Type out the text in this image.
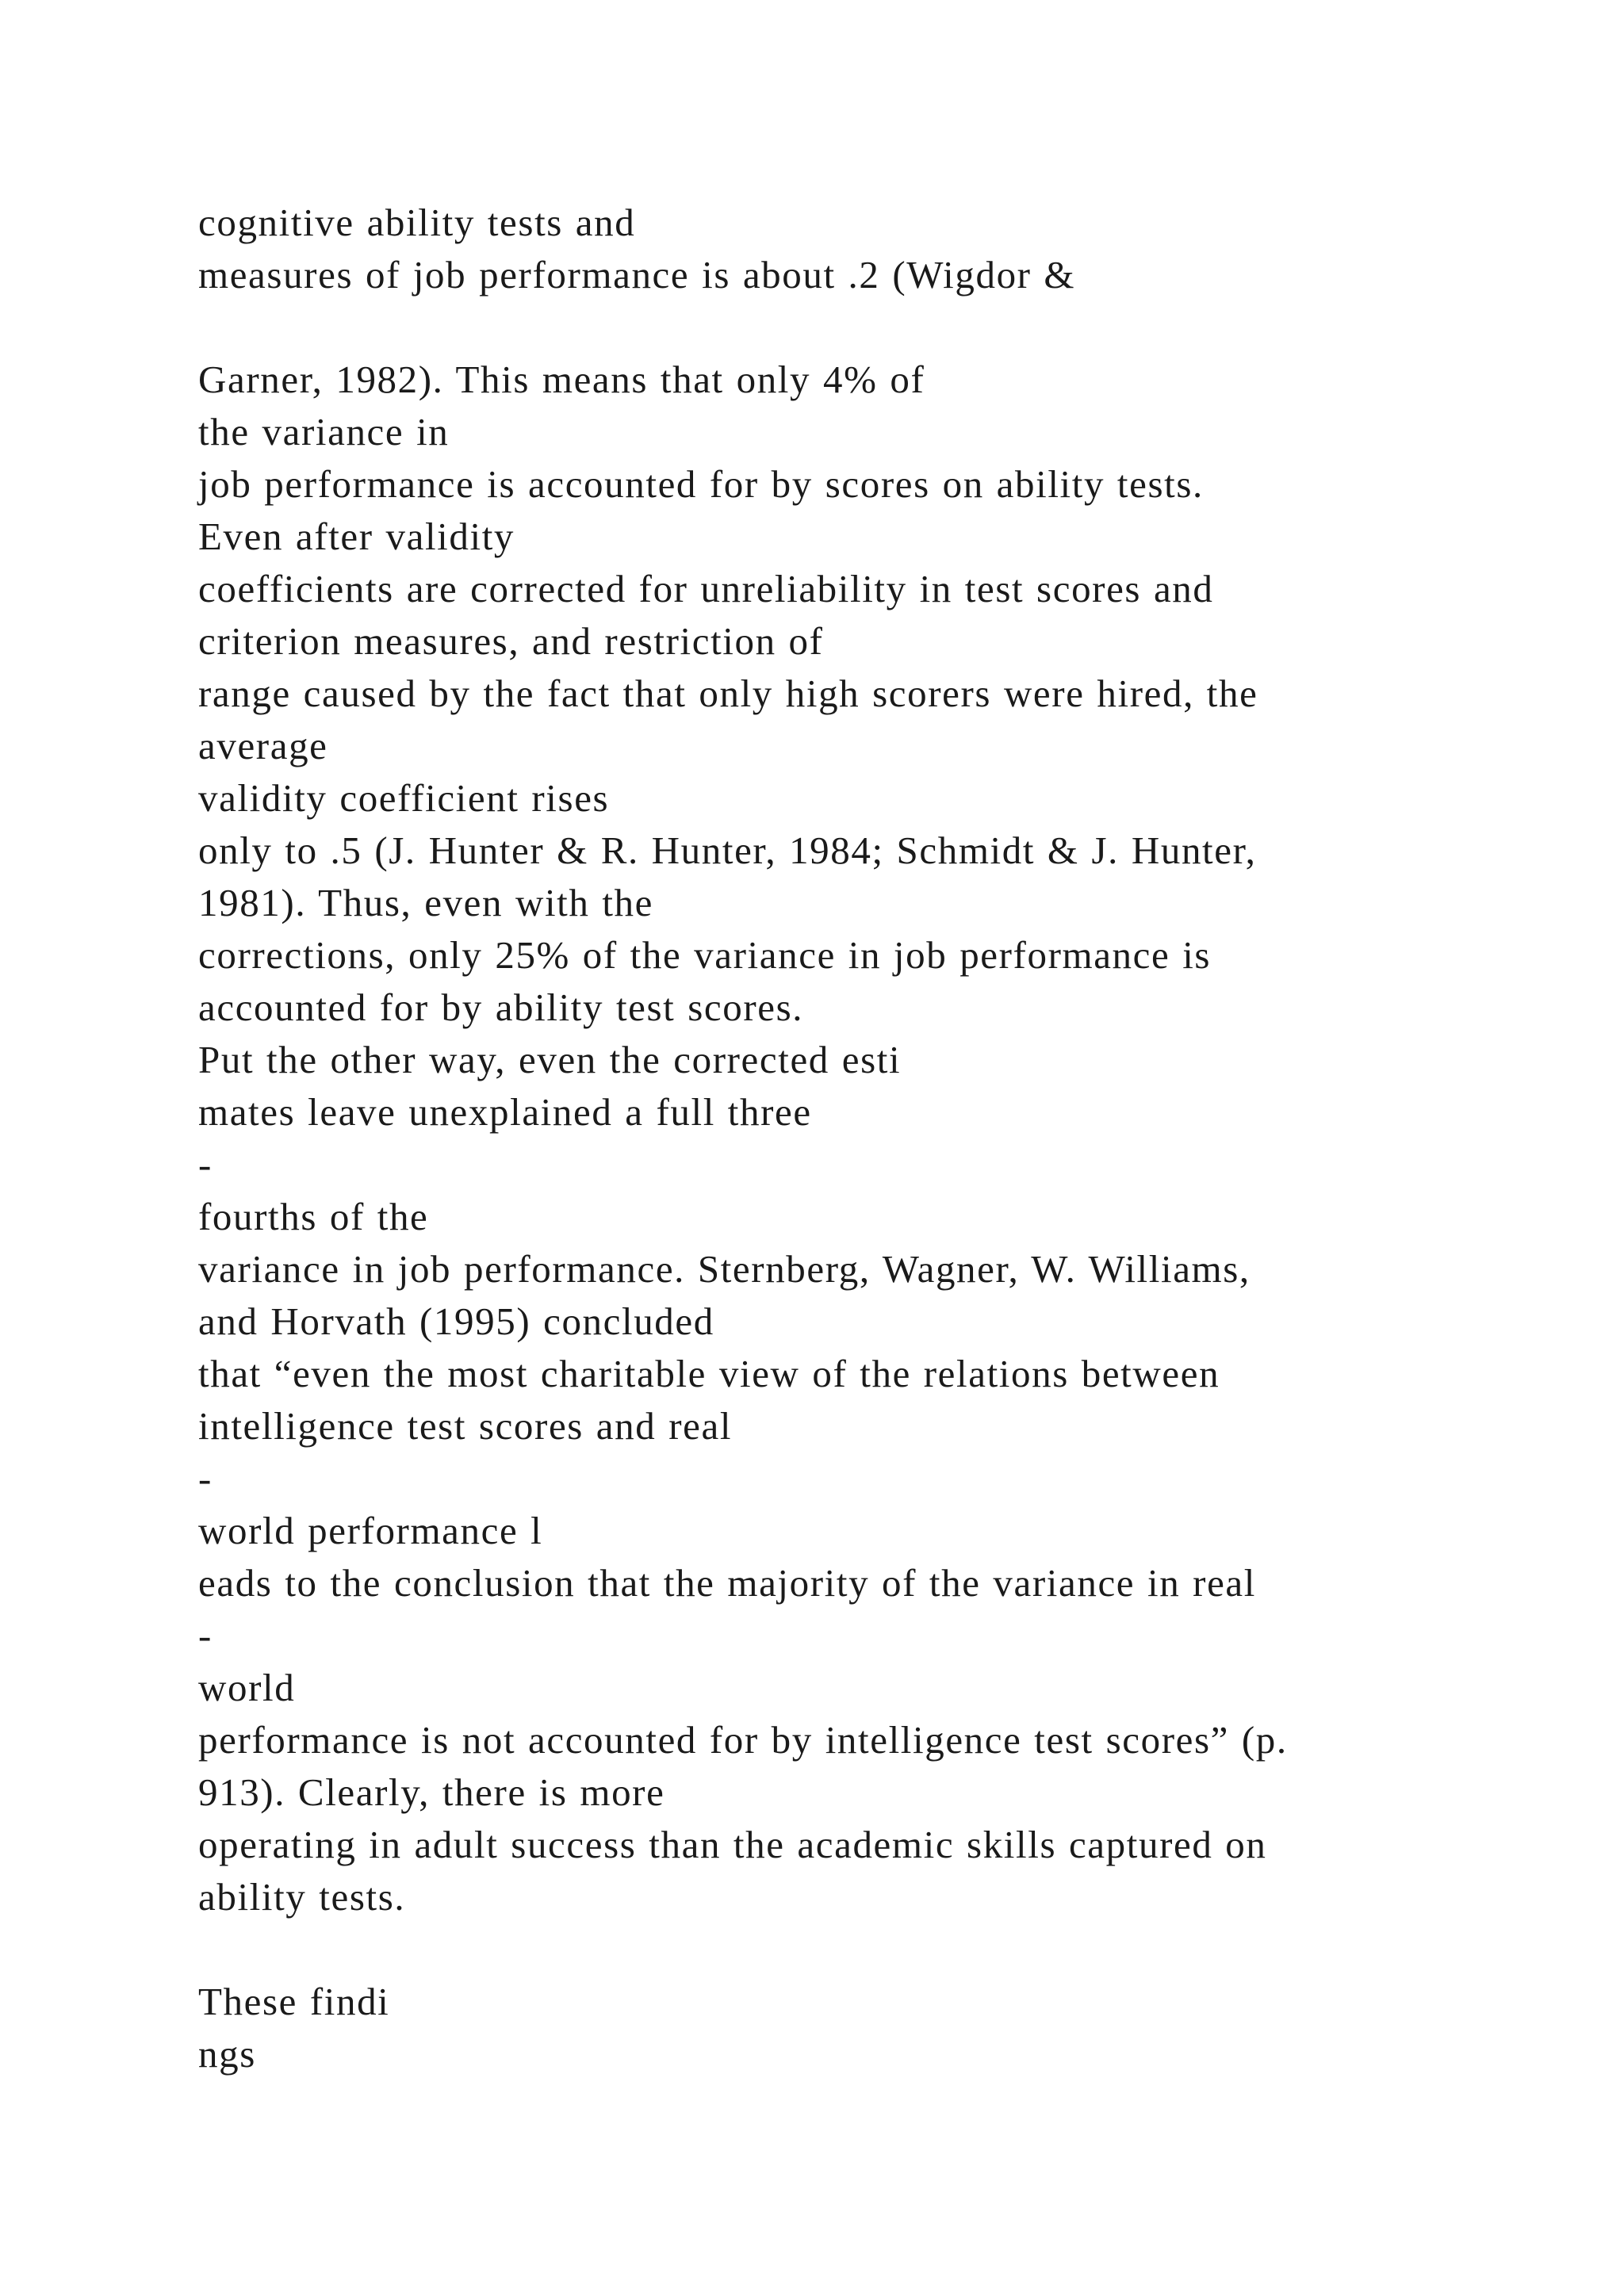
cognitive ability tests and
measures of job performance is about .2 (Wigdor &
Garner, 1982). This means that only 4% of
the variance in
job performance is accounted for by scores on ability tests.
Even after validity
coefficients are corrected for unreliability in test scores and
criterion measures, and restriction of
range caused by the fact that only high scorers were hired, the
average
validity coefficient rises
only to .5 (J. Hunter & R. Hunter, 1984; Schmidt & J. Hunter,
1981). Thus, even with the
corrections, only 25% of the variance in job performance is
accounted for by ability test scores.
Put the other way, even the corrected esti
mates leave unexplained a full three
-
fourths of the
variance in job performance. Sternberg, Wagner, W. Williams,
and Horvath (1995) concluded
that “even the most charitable view of the relations between
intelligence test scores and real
-
world performance l
eads to the conclusion that the majority of the variance in real
-
world
performance is not accounted for by intelligence test scores” (p.
913). Clearly, there is more
operating in adult success than the academic skills captured on
ability tests.
These findi
ngs
